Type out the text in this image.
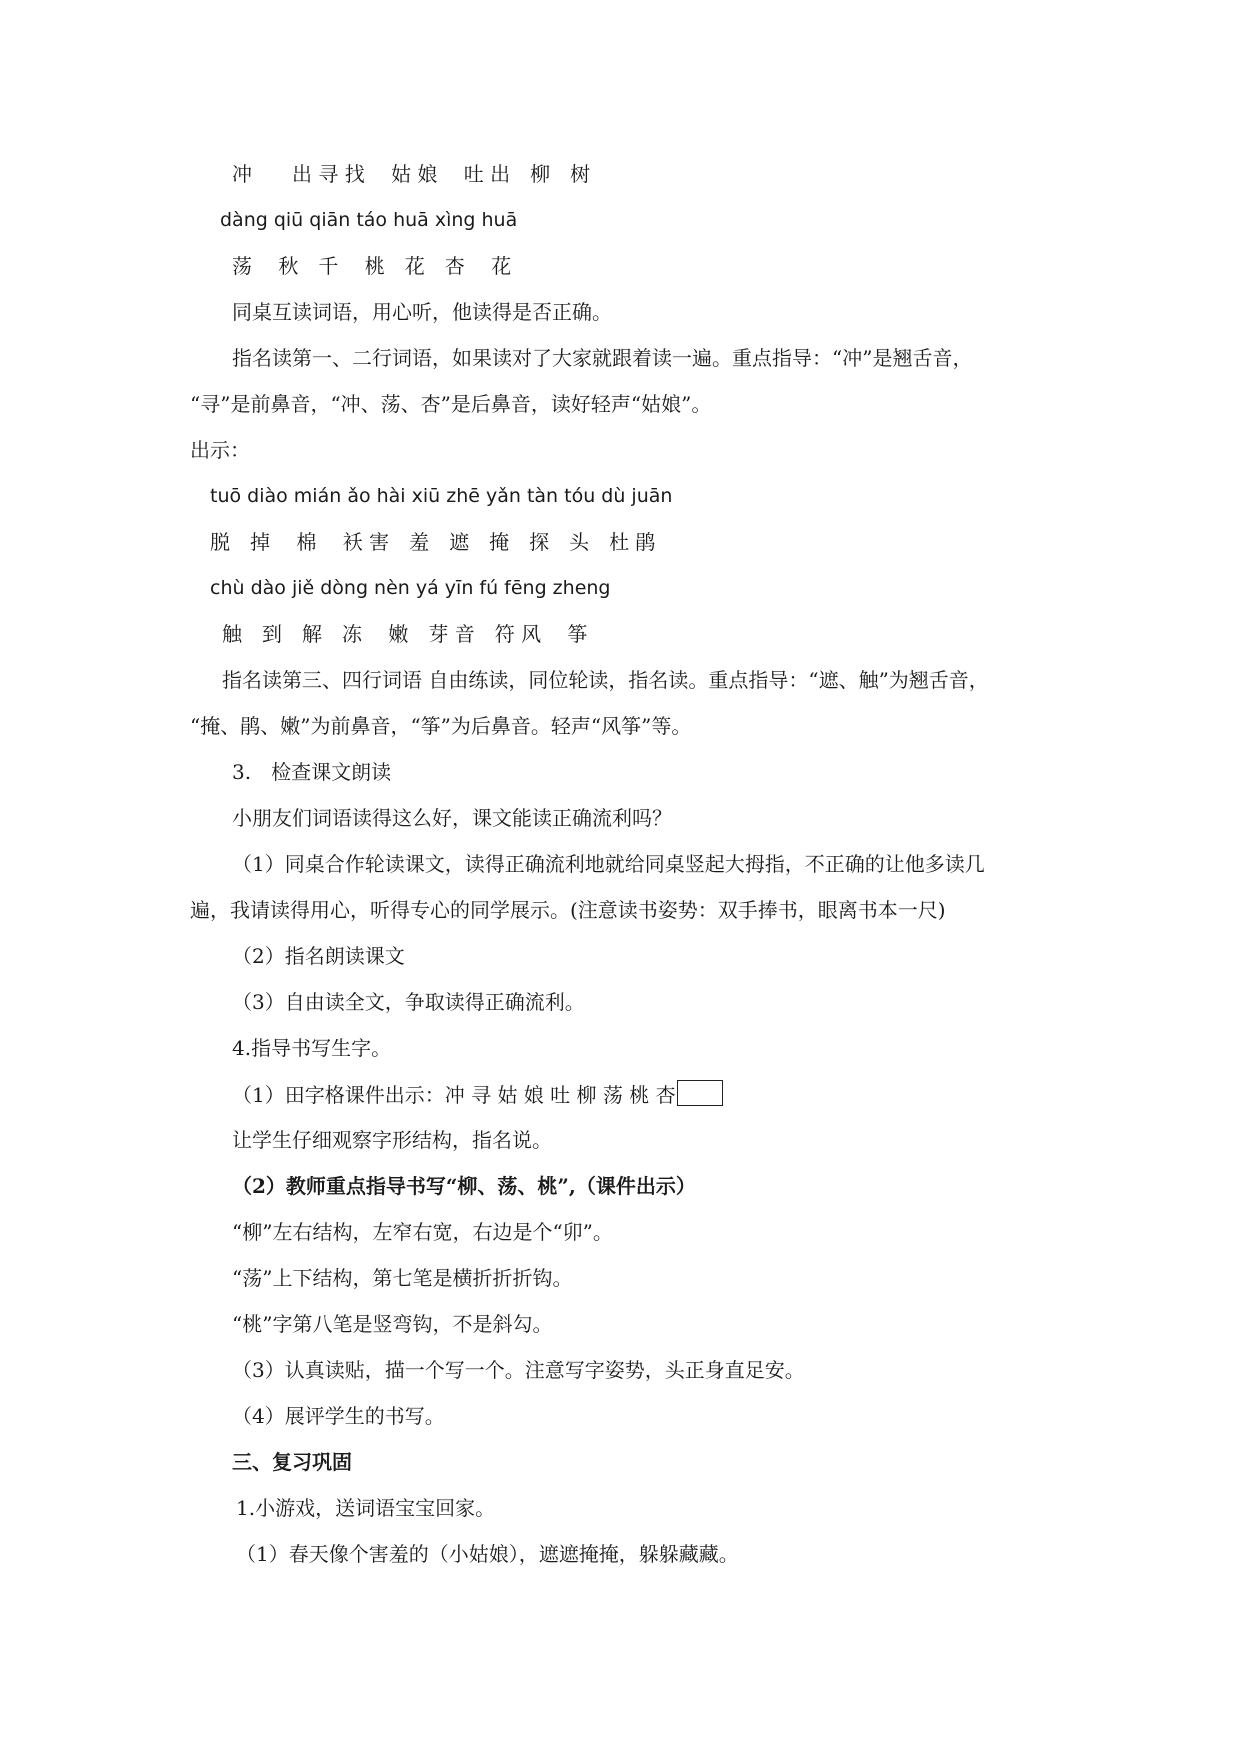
冲　　出 寻 找　 姑 娘　 吐 出　柳　树
dàng qiū qiān táo huā xìng huā
荡　 秋　千　 桃　花　杏　 花
同桌互读词语，用心听，他读得是否正确。
指名读第一、二行词语，如果读对了大家就跟着读一遍。重点指导：“冲”是翘舌音，
“寻”是前鼻音，“冲、荡、杏”是后鼻音，读好轻声“姑娘”。
出示：
tuō diào mián ǎo hài xiū zhē yǎn tàn tóu dù juān
脱　掉　 棉　 袄 害　羞　遮　掩　探　头　杜 鹃
chù dào jiě dòng nèn yá yīn fú fēng zheng
触　到　解　冻　 嫩　芽 音　符 风　 筝
指名读第三、四行词语 自由练读，同位轮读，指名读。重点指导：“遮、触”为翘舌音，
“掩、鹃、嫩”为前鼻音，“筝”为后鼻音。轻声“风筝”等。
3.　检查课文朗读
小朋友们词语读得这么好，课文能读正确流利吗？
（1）同桌合作轮读课文，读得正确流利地就给同桌竖起大拇指，不正确的让他多读几
遍，我请读得用心，听得专心的同学展示。(注意读书姿势：双手捧书，眼离书本一尺)
（2）指名朗读课文
（3）自由读全文，争取读得正确流利。
4.指导书写生字。
（1）田字格课件出示：冲 寻 姑 娘 吐 柳 荡 桃 杏
让学生仔细观察字形结构，指名说。
（2）教师重点指导书写“柳、荡、桃”,（课件出示）
“柳”左右结构，左窄右宽，右边是个“卯”。
“荡”上下结构，第七笔是横折折折钩。
“桃”字第八笔是竖弯钩，不是斜勾。
（3）认真读贴，描一个写一个。注意写字姿势，头正身直足安。
（4）展评学生的书写。
三、复习巩固
1.小游戏，送词语宝宝回家。
（1）春天像个害羞的（小姑娘），遮遮掩掩，躲躲藏藏。
